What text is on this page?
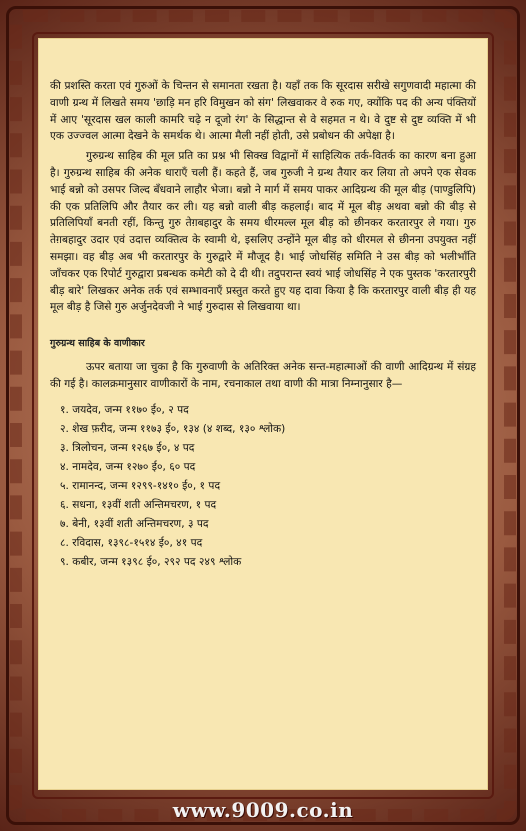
की प्रशस्ति करता एवं गुरुओं के चिन्तन से समानता रखता है। यहाँ तक कि सूरदास सरीखे सगुणवादी महात्मा की वाणी ग्रन्थ में लिखते समय 'छाड़ि मन हरि विमुखन को संग' लिखवाकर वे रुक गए, क्योंकि पद की अन्य पंक्तियों में आए 'सूरदास खल काली कामरि चढ़े न दूजो रंग' के सिद्धान्त से वे सहमत न थे। वे दुष्ट से दुष्ट व्यक्ति में भी एक उज्ज्वल आत्मा देखने के समर्थक थे। आत्मा मैली नहीं होती, उसे प्रबोधन की अपेक्षा है।

गुरुग्रन्थ साहिब की मूल प्रति का प्रश्न भी सिक्ख विद्वानों में साहित्यिक तर्क-वितर्क का कारण बना हुआ है। गुरुग्रन्थ साहिब की अनेक धाराएँ चली हैं। कहते हैं, जब गुरुजी ने ग्रन्थ तैयार कर लिया तो अपने एक सेवक भाई बन्नो को उसपर जिल्द बँधवाने लाहौर भेजा। बन्नो ने मार्ग में समय पाकर आदिग्रन्थ की मूल बीड़ (पाण्डुलिपि) की एक प्रतिलिपि और तैयार कर ली। यह बन्नो वाली बीड़ कहलाई। बाद में मूल बीड़ अथवा बन्नो की बीड़ से प्रतिलिपियाँ बनती रहीं, किन्तु गुरु तेग़बहादुर के समय धीरमल्ल मूल बीड़ को छीनकर करतारपुर ले गया। गुरु तेग़बहादुर उदार एवं उदात्त व्यक्तित्व के स्वामी थे, इसलिए उन्होंने मूल बीड़ को धीरमल से छीनना उपयुक्त नहीं समझा। वह बीड़ अब भी करतारपुर के गुरुद्वारे में मौजूद है। भाई जोधसिंह समिति ने उस बीड़ को भलीभाँति जाँचकर एक रिपोर्ट गुरुद्वारा प्रबन्धक कमेटी को दे दी थी। तदुपरान्त स्वयं भाई जोधसिंह ने एक पुस्तक 'करतारपुरी बीड़ बारे' लिखकर अनेक तर्क एवं सम्भावनाएँ प्रस्तुत करते हुए यह दावा किया है कि करतारपुर वाली बीड़ ही यह मूल बीड़ है जिसे गुरु अर्जुनदेवजी ने भाई गुरुदास से लिखवाया था।

गुरुग्रन्थ साहिब के वाणीकार

ऊपर बताया जा चुका है कि गुरुवाणी के अतिरिक्त अनेक सन्त-महात्माओं की वाणी आदिग्रन्थ में संग्रह की गई है। कालक्रमानुसार वाणीकारों के नाम, रचनाकाल तथा वाणी की मात्रा निम्नानुसार है—

१. जयदेव, जन्म ११७० ई०, २ पद
२. शेख फ़रीद, जन्म ११७३ ई०, १३४ (४ शब्द, १३० श्लोक)
३. त्रिलोचन, जन्म १२६७ ई०, ४ पद
४. नामदेव, जन्म १२७० ई०, ६० पद
५. रामानन्द, जन्म १२९९-१४१० ई०, १ पद
६. सधना, १३वीं शती अन्तिमचरण, १ पद
७. बेनी, १३वीं शती अन्तिमचरण, ३ पद
८. रविदास, १३९८-१५१४ ई०, ४१ पद
९. कबीर, जन्म १३९८ ई०, २९२ पद २४९ श्लोक
www.9009.co.in
